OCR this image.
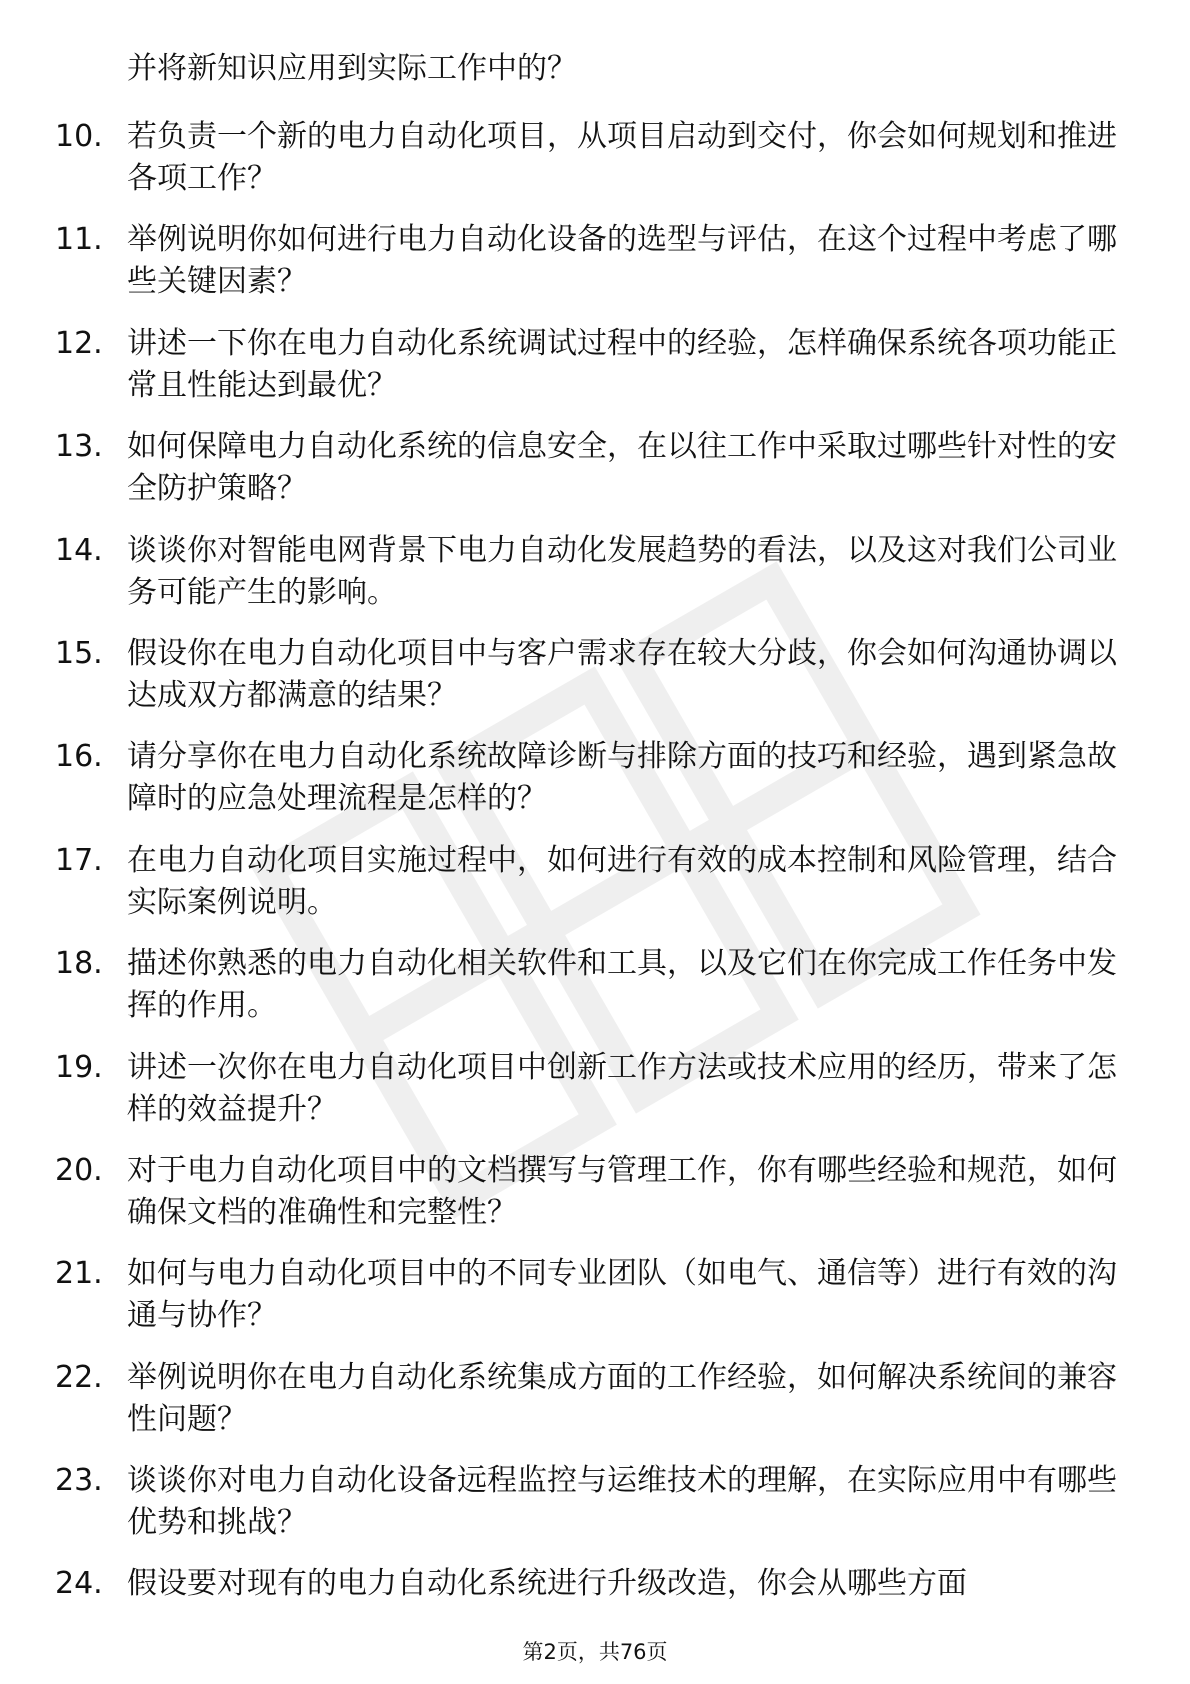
并将新知识应用到实际工作中的？
10. 若负责一个新的电力自动化项目，从项目启动到交付，你会如何规划和推进各项工作？

11. 举例说明你如何进行电力自动化设备的选型与评估，在这个过程中考虑了哪些关键因素？

12. 讲述一下你在电力自动化系统调试过程中的经验，怎样确保系统各项功能正常且性能达到最优？

13. 如何保障电力自动化系统的信息安全，在以往工作中采取过哪些针对性的安全防护策略？

14. 谈谈你对智能电网背景下电力自动化发展趋势的看法，以及这对我们公司业务可能产生的影响。

15. 假设你在电力自动化项目中与客户需求存在较大分歧，你会如何沟通协调以达成双方都满意的结果？

16. 请分享你在电力自动化系统故障诊断与排除方面的技巧和经验，遇到紧急故障时的应急处理流程是怎样的？

17. 在电力自动化项目实施过程中，如何进行有效的成本控制和风险管理，结合实际案例说明。

18. 描述你熟悉的电力自动化相关软件和工具，以及它们在你完成工作任务中发挥的作用。

19. 讲述一次你在电力自动化项目中创新工作方法或技术应用的经历，带来了怎样的效益提升？

20. 对于电力自动化项目中的文档撰写与管理工作，你有哪些经验和规范，如何确保文档的准确性和完整性？

21. 如何与电力自动化项目中的不同专业团队（如电气、通信等）进行有效的沟通与协作？

22. 举例说明你在电力自动化系统集成方面的工作经验，如何解决系统间的兼容性问题？

23. 谈谈你对电力自动化设备远程监控与运维技术的理解，在实际应用中有哪些优势和挑战？

24. 假设要对现有的电力自动化系统进行升级改造，你会从哪些方面

第2页，共76页
